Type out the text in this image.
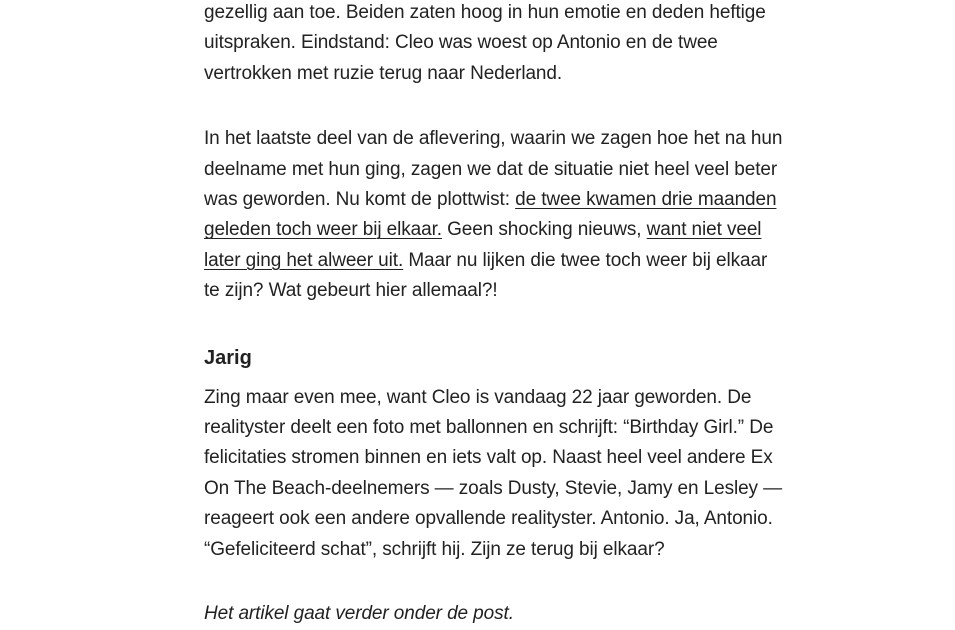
gezellig aan toe. Beiden zaten hoog in hun emotie en deden heftige uitspraken. Eindstand: Cleo was woest op Antonio en de twee vertrokken met ruzie terug naar Nederland.

In het laatste deel van de aflevering, waarin we zagen hoe het na hun deelname met hun ging, zagen we dat de situatie niet heel veel beter was geworden. Nu komt de plottwist: de twee kwamen drie maanden geleden toch weer bij elkaar. Geen shocking nieuws, want niet veel later ging het alweer uit. Maar nu lijken die twee toch weer bij elkaar te zijn? Wat gebeurt hier allemaal?!

Jarig

Zing maar even mee, want Cleo is vandaag 22 jaar geworden. De realityster deelt een foto met ballonnen en schrijft: “Birthday Girl.” De felicitaties stromen binnen en iets valt op. Naast heel veel andere Ex On The Beach-deelnemers — zoals Dusty, Stevie, Jamy en Lesley — reageert ook een andere opvallende realityster. Antonio. Ja, Antonio. “Gefeliciteerd schat”, schrijft hij. Zijn ze terug bij elkaar?

Het artikel gaat verder onder de post.
